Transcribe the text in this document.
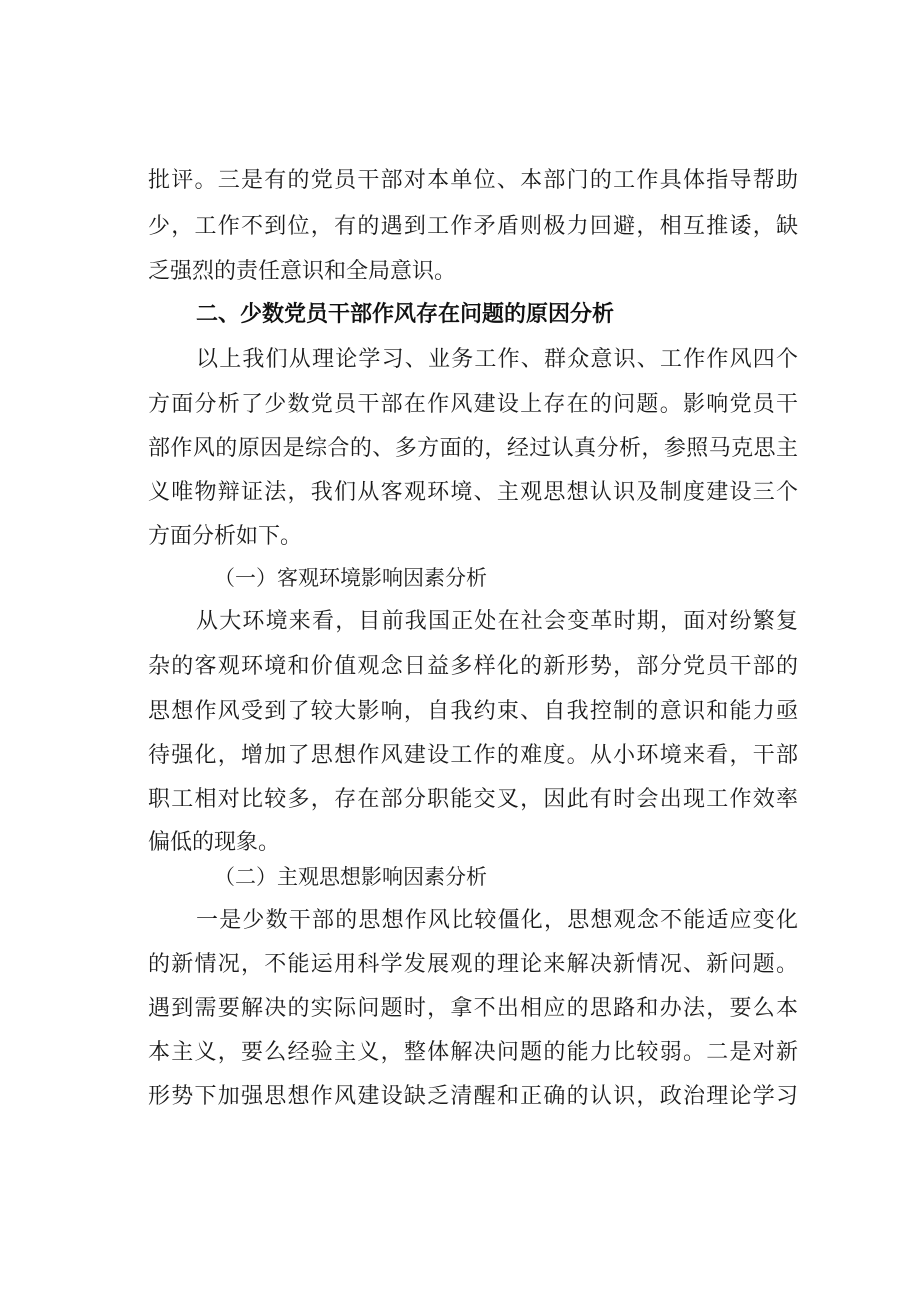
批评。三是有的党员干部对本单位、本部门的工作具体指导帮助
少，工作不到位，有的遇到工作矛盾则极力回避，相互推诿，缺
乏强烈的责任意识和全局意识。
二、少数党员干部作风存在问题的原因分析
以上我们从理论学习、业务工作、群众意识、工作作风四个
方面分析了少数党员干部在作风建设上存在的问题。影响党员干
部作风的原因是综合的、多方面的，经过认真分析，参照马克思主
义唯物辩证法，我们从客观环境、主观思想认识及制度建设三个
方面分析如下。
（一）客观环境影响因素分析
从大环境来看，目前我国正处在社会变革时期，面对纷繁复
杂的客观环境和价值观念日益多样化的新形势，部分党员干部的
思想作风受到了较大影响，自我约束、自我控制的意识和能力亟
待强化，增加了思想作风建设工作的难度。从小环境来看，干部
职工相对比较多，存在部分职能交叉，因此有时会出现工作效率
偏低的现象。
（二）主观思想影响因素分析
一是少数干部的思想作风比较僵化，思想观念不能适应变化
的新情况，不能运用科学发展观的理论来解决新情况、新问题。
遇到需要解决的实际问题时，拿不出相应的思路和办法，要么本
本主义，要么经验主义，整体解决问题的能力比较弱。二是对新
形势下加强思想作风建设缺乏清醒和正确的认识，政治理论学习
